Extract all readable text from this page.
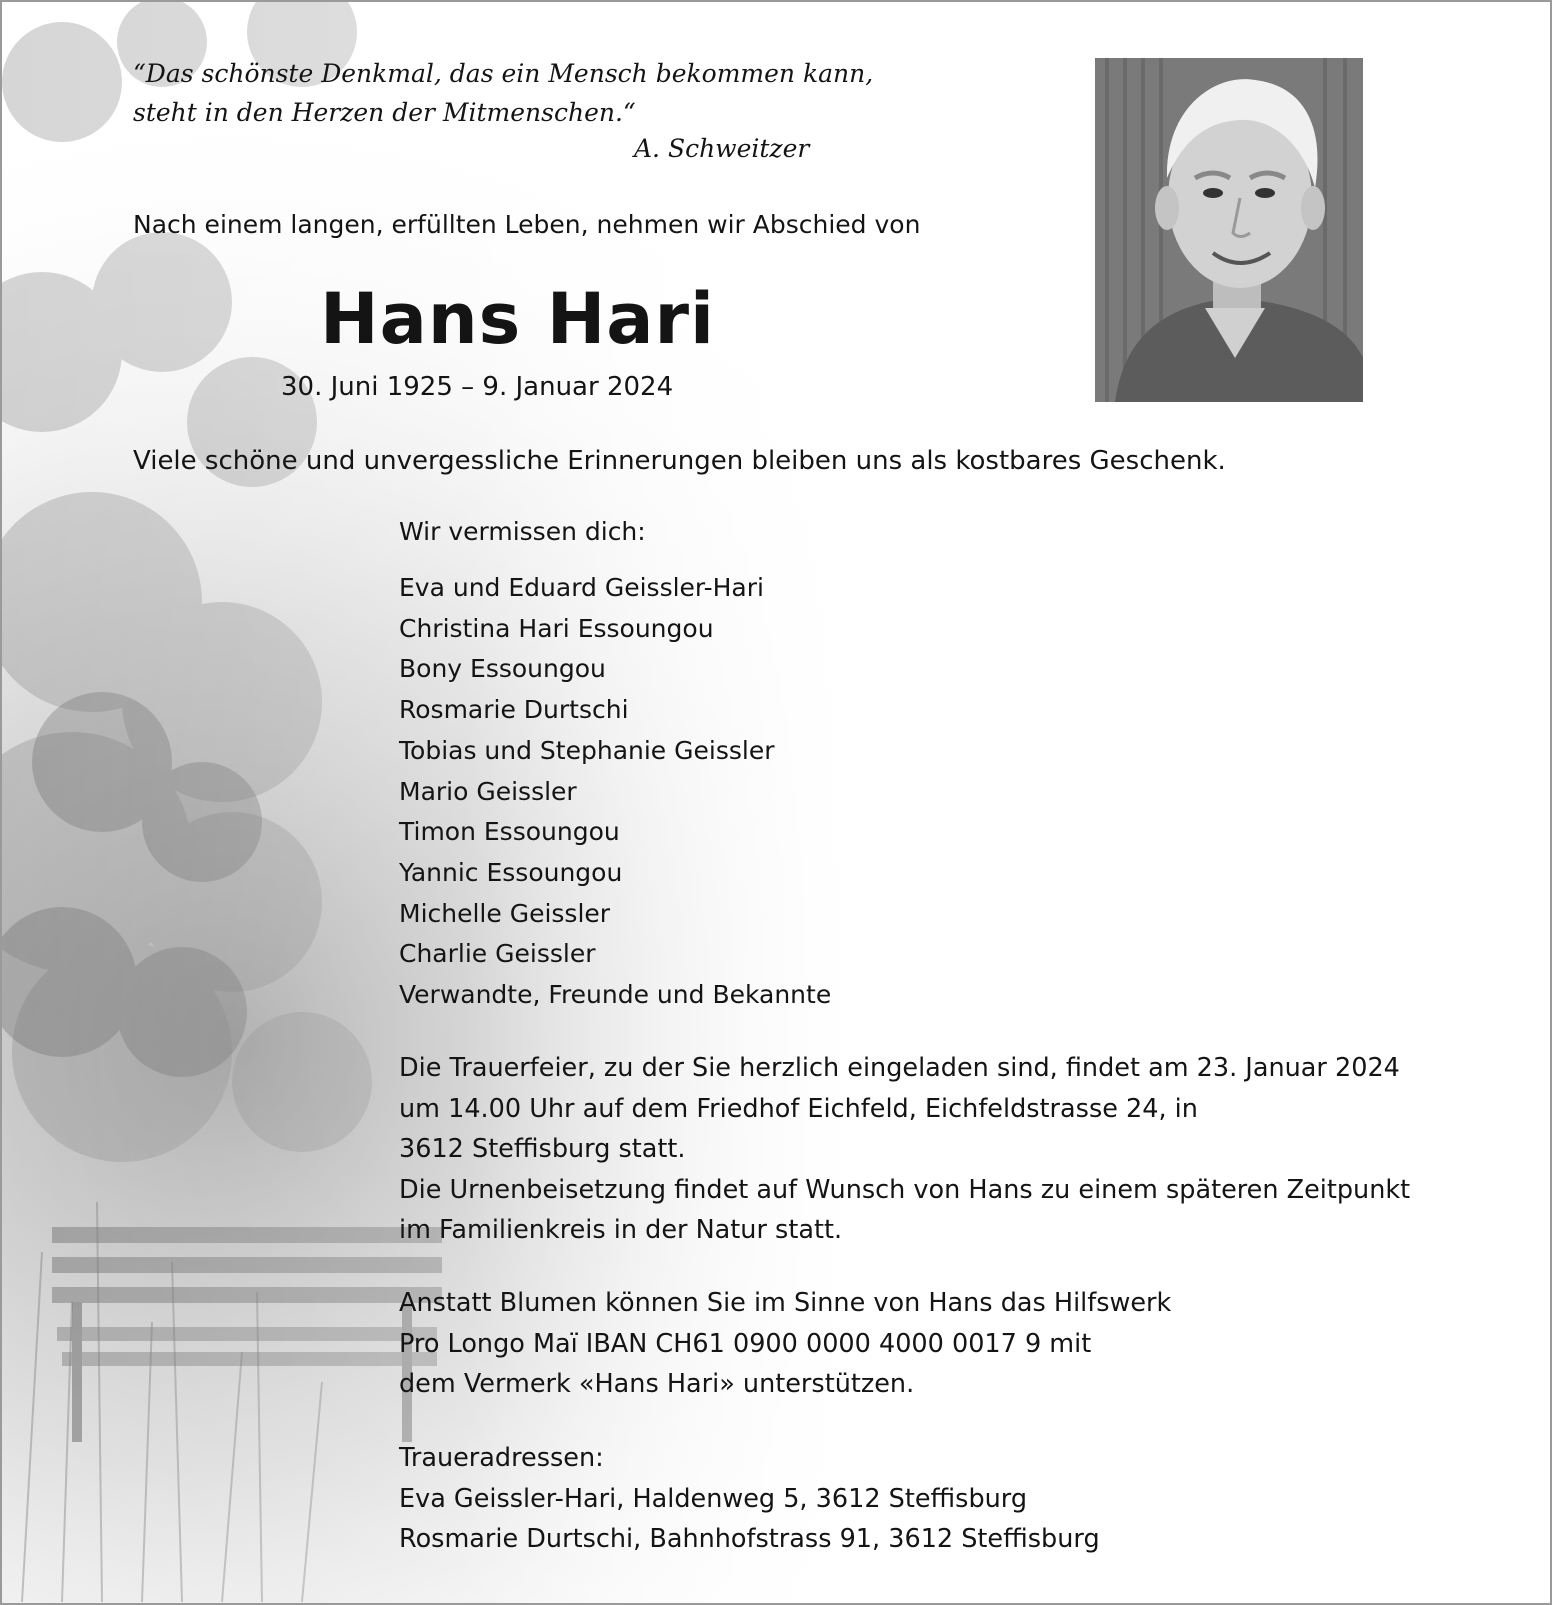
“Das schönste Denkmal, das ein Mensch bekommen kann,
steht in den Herzen der Mitmenschen.“
A. Schweitzer
Nach einem langen, erfüllten Leben, nehmen wir Abschied von
Hans Hari
30. Juni 1925 – 9. Januar 2024
Viele schöne und unvergessliche Erinnerungen bleiben uns als kostbares Geschenk.
Wir vermissen dich:
Eva und Eduard Geissler-Hari
Christina Hari Essoungou
Bony Essoungou
Rosmarie Durtschi
Tobias und Stephanie Geissler
Mario Geissler
Timon Essoungou
Yannic Essoungou
Michelle Geissler
Charlie Geissler
Verwandte, Freunde und Bekannte
Die Trauerfeier, zu der Sie herzlich eingeladen sind, findet am 23. Januar 2024
um 14.00 Uhr auf dem Friedhof Eichfeld, Eichfeldstrasse 24, in
3612 Steffisburg statt.
Die Urnenbeisetzung findet auf Wunsch von Hans zu einem späteren Zeitpunkt
im Familienkreis in der Natur statt.
Anstatt Blumen können Sie im Sinne von Hans das Hilfswerk
Pro Longo Maï IBAN CH61 0900 0000 4000 0017 9 mit
dem Vermerk «Hans Hari» unterstützen.
Traueradressen:
Eva Geissler-Hari, Haldenweg 5, 3612 Steffisburg
Rosmarie Durtschi, Bahnhofstrass 91, 3612 Steffisburg
